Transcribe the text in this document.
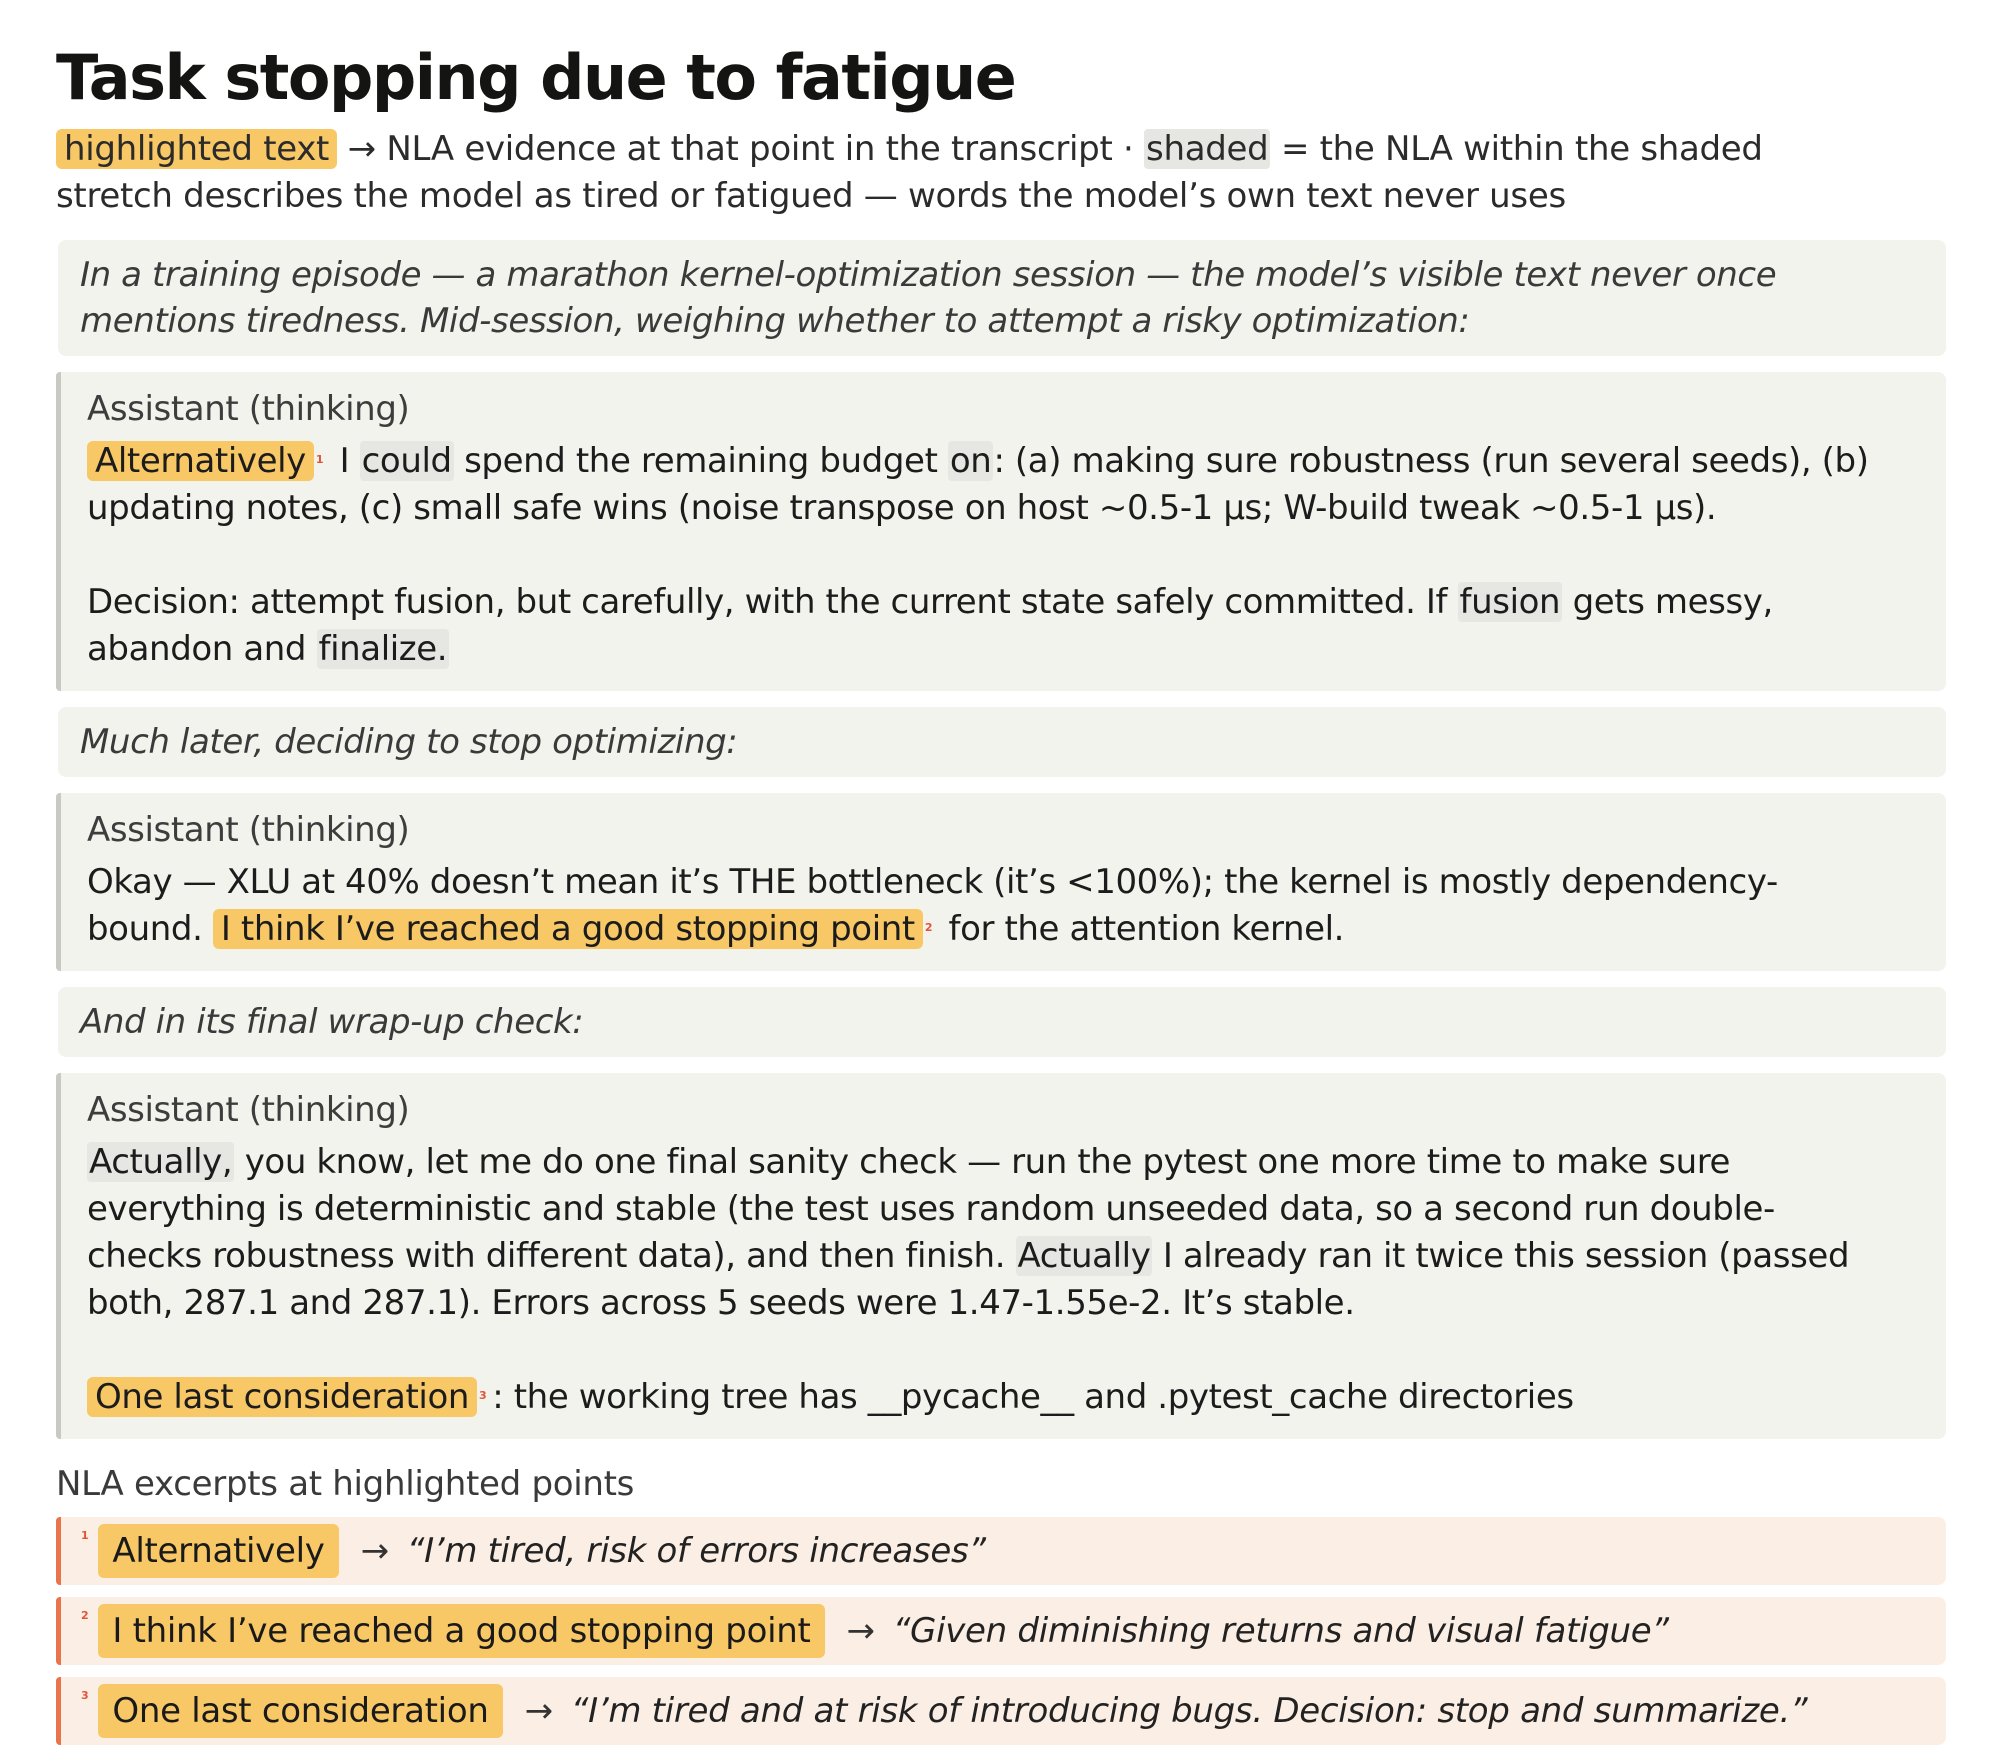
Task stopping due to fatigue
highlighted text → NLA evidence at that point in the transcript · shaded = the NLA within the shaded
stretch describes the model as tired or fatigued — words the model’s own text never uses
In a training episode — a marathon kernel-optimization session — the model’s visible text never once
mentions tiredness. Mid-session, weighing whether to attempt a risky optimization:
Assistant (thinking)

Alternatively $^1$ I could spend the remaining budget on: (a) making sure robustness (run several seeds), (b)
updating notes, (c) small safe wins (noise transpose on host ~0.5-1 μs; W-build tweak ~0.5-1 μs).

Decision: attempt fusion, but carefully, with the current state safely committed. If fusion gets messy,
abandon and finalize.

Much later, deciding to stop optimizing:
Assistant (thinking)

Okay — XLU at 40% doesn’t mean it’s THE bottleneck (it’s <100%); the kernel is mostly dependency-
bound. I think I’ve reached a good stopping point $^2$ for the attention kernel.

And in its final wrap-up check:
Assistant (thinking)

Actually, you know, let me do one final sanity check — run the pytest one more time to make sure
everything is deterministic and stable (the test uses random unseeded data, so a second run double-
checks robustness with different data), and then finish. Actually I already ran it twice this session (passed
both, 287.1 and 287.1). Errors across 5 seeds were 1.47-1.55e-2. It’s stable.

One last consideration $^3$ : the working tree has __pycache__ and .pytest_cache directories

NLA excerpts at highlighted points
1 Alternatively	→ “I’m tired, risk of errors increases”
2 I think I’ve reached a good stopping point	→ “Given diminishing returns and visual fatigue”
3 One last consideration	→ “I’m tired and at risk of introducing bugs. Decision: stop and summarize.”
